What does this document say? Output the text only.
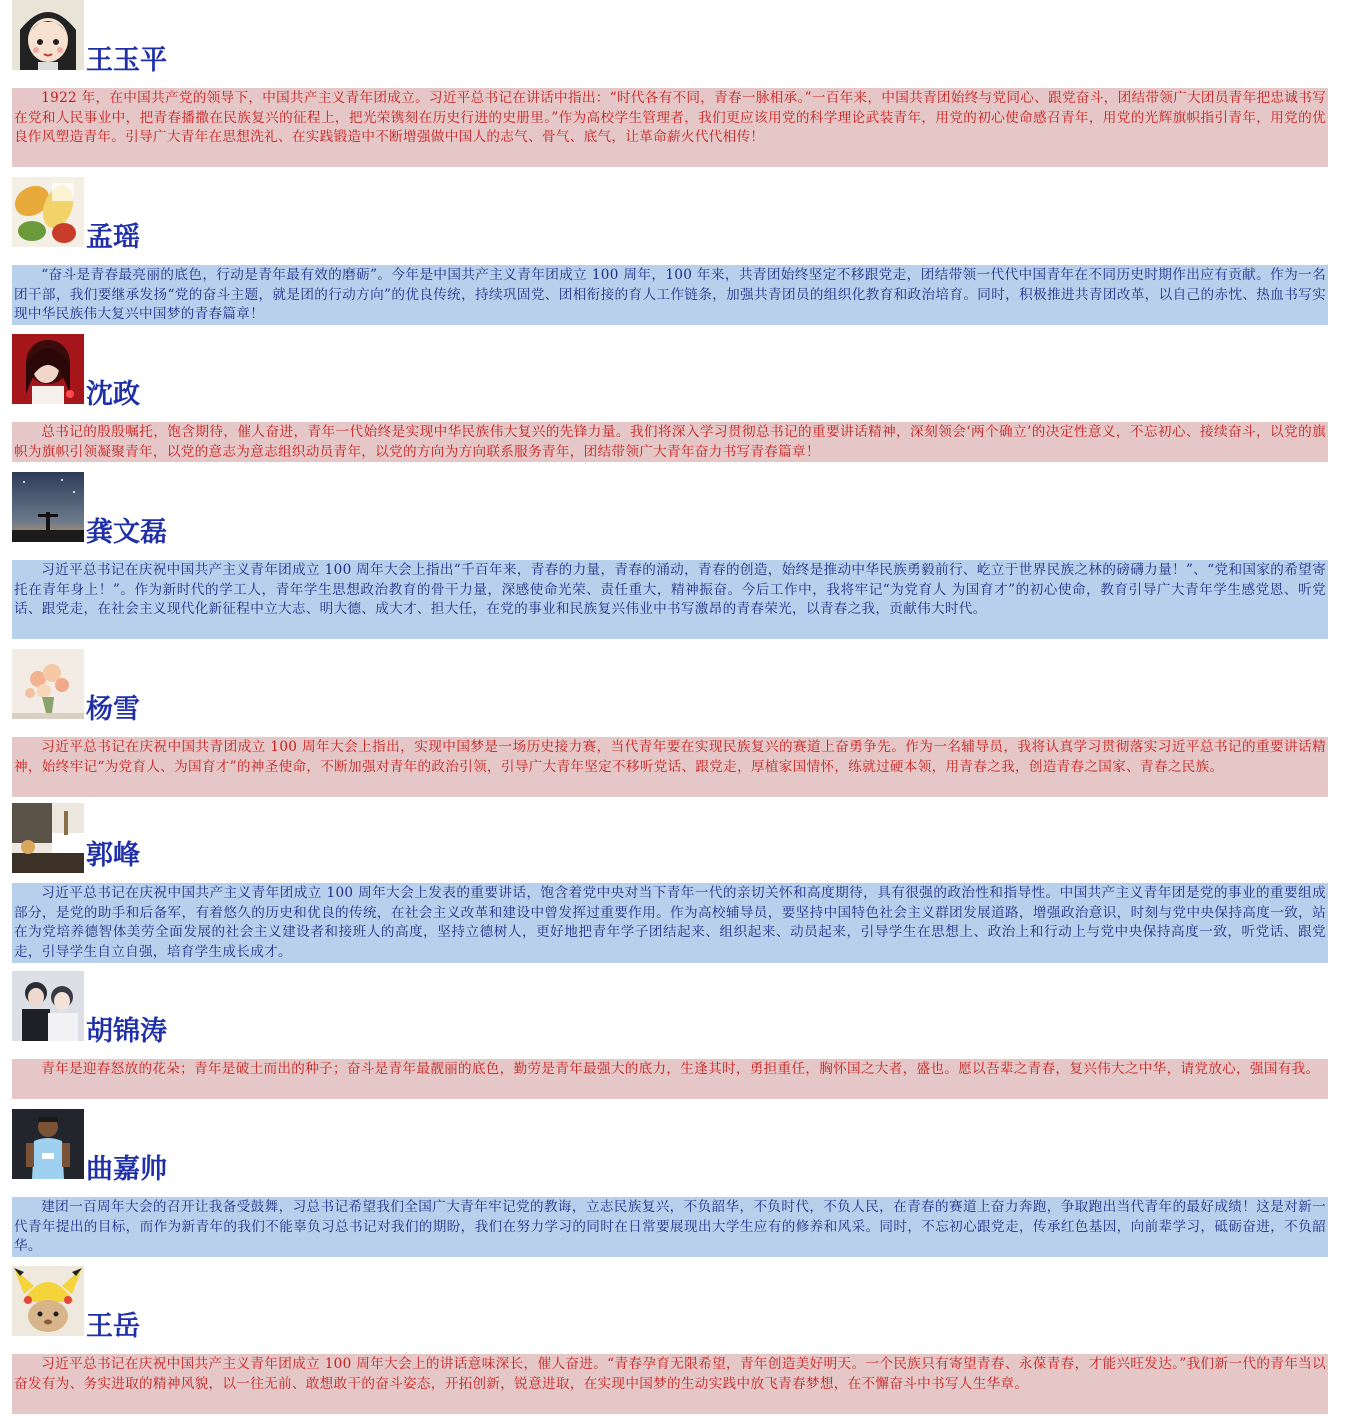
王玉平
1922 年，在中国共产党的领导下，中国共产主义青年团成立。习近平总书记在讲话中指出：“时代各有不同，青春一脉相承。”一百年来，中国共青团始终与党同心、跟党奋斗，团结带领广大团员青年把忠诚书写在党和人民事业中，把青春播撒在民族复兴的征程上，把光荣镌刻在历史行进的史册里。”作为高校学生管理者，我们更应该用党的科学理论武装青年，用党的初心使命感召青年，用党的光辉旗帜指引青年，用党的优良作风塑造青年。引导广大青年在思想洗礼、在实践锻造中不断增强做中国人的志气、骨气、底气，让革命薪火代代相传！
孟瑶
“奋斗是青春最亮丽的底色，行动是青年最有效的磨砺”。今年是中国共产主义青年团成立 100 周年，100 年来，共青团始终坚定不移跟党走，团结带领一代代中国青年在不同历史时期作出应有贡献。作为一名团干部，我们要继承发扬“党的奋斗主题，就是团的行动方向”的优良传统，持续巩固党、团相衔接的育人工作链条，加强共青团员的组织化教育和政治培育。同时，积极推进共青团改革，以自己的赤忱、热血书写实现中华民族伟大复兴中国梦的青春篇章！
沈政
总书记的殷殷嘱托，饱含期待，催人奋进，青年一代始终是实现中华民族伟大复兴的先锋力量。我们将深入学习贯彻总书记的重要讲话精神，深刻领会‘两个确立’的决定性意义，不忘初心、接续奋斗，以党的旗帜为旗帜引领凝聚青年，以党的意志为意志组织动员青年，以党的方向为方向联系服务青年，团结带领广大青年奋力书写青春篇章！
龚文磊
习近平总书记在庆祝中国共产主义青年团成立 100 周年大会上指出“千百年来，青春的力量，青春的涌动，青春的创造，始终是推动中华民族勇毅前行、屹立于世界民族之林的磅礴力量！”、“党和国家的希望寄托在青年身上！”。作为新时代的学工人，青年学生思想政治教育的骨干力量，深感使命光荣、责任重大，精神振奋。今后工作中，我将牢记“为党育人 为国育才”的初心使命，教育引导广大青年学生感党恩、听党话、跟党走，在社会主义现代化新征程中立大志、明大德、成大才、担大任，在党的事业和民族复兴伟业中书写激昂的青春荣光，以青春之我，贡献伟大时代。
杨雪
习近平总书记在庆祝中国共青团成立 100 周年大会上指出，实现中国梦是一场历史接力赛，当代青年要在实现民族复兴的赛道上奋勇争先。作为一名辅导员，我将认真学习贯彻落实习近平总书记的重要讲话精神，始终牢记“为党育人、为国育才”的神圣使命，不断加强对青年的政治引领，引导广大青年坚定不移听党话、跟党走，厚植家国情怀，练就过硬本领，用青春之我，创造青春之国家、青春之民族。
郭峰
习近平总书记在庆祝中国共产主义青年团成立 100 周年大会上发表的重要讲话，饱含着党中央对当下青年一代的亲切关怀和高度期待，具有很强的政治性和指导性。中国共产主义青年团是党的事业的重要组成部分，是党的助手和后备军，有着悠久的历史和优良的传统，在社会主义改革和建设中曾发挥过重要作用。作为高校辅导员，要坚持中国特色社会主义群团发展道路，增强政治意识，时刻与党中央保持高度一致，站在为党培养德智体美劳全面发展的社会主义建设者和接班人的高度，坚持立德树人，更好地把青年学子团结起来、组织起来、动员起来，引导学生在思想上、政治上和行动上与党中央保持高度一致，听党话、跟党走，引导学生自立自强，培育学生成长成才。
胡锦涛
青年是迎春怒放的花朵；青年是破土而出的种子；奋斗是青年最靓丽的底色，勤劳是青年最强大的底力，生逢其时，勇担重任，胸怀国之大者，盛也。愿以吾辈之青春，复兴伟大之中华，请党放心，强国有我。
曲嘉帅
建团一百周年大会的召开让我备受鼓舞，习总书记希望我们全国广大青年牢记党的教诲，立志民族复兴，不负韶华，不负时代，不负人民，在青春的赛道上奋力奔跑，争取跑出当代青年的最好成绩！这是对新一代青年提出的目标，而作为新青年的我们不能辜负习总书记对我们的期盼，我们在努力学习的同时在日常要展现出大学生应有的修养和风采。同时，不忘初心跟党走，传承红色基因，向前辈学习，砥砺奋进，不负韶华。
王岳
习近平总书记在庆祝中国共产主义青年团成立 100 周年大会上的讲话意味深长，催人奋进。“青春孕育无限希望，青年创造美好明天。一个民族只有寄望青春、永葆青春，才能兴旺发达。”我们新一代的青年当以奋发有为、务实进取的精神风貌，以一往无前、敢想敢干的奋斗姿态，开拓创新，锐意进取，在实现中国梦的生动实践中放飞青春梦想，在不懈奋斗中书写人生华章。
